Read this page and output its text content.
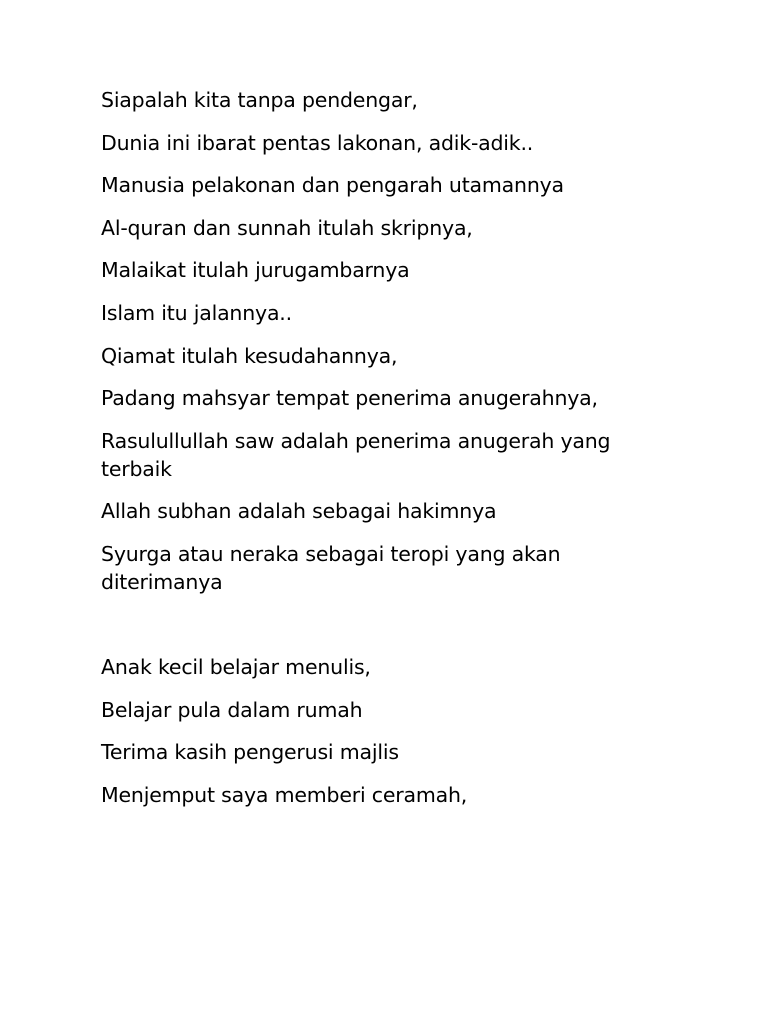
Siapalah kita tanpa pendengar,

Dunia ini ibarat pentas lakonan, adik-adik..

Manusia pelakonan dan pengarah utamannya

Al-quran dan sunnah itulah skripnya,

Malaikat itulah jurugambarnya

Islam itu jalannya..

Qiamat itulah kesudahannya,

Padang mahsyar tempat penerima anugerahnya,

Rasulullullah saw adalah penerima anugerah yang terbaik

Allah subhan adalah sebagai hakimnya

Syurga atau neraka sebagai teropi yang akan diterimanya

Anak kecil belajar menulis,

Belajar pula dalam rumah

Terima kasih pengerusi majlis

Menjemput saya memberi ceramah,
